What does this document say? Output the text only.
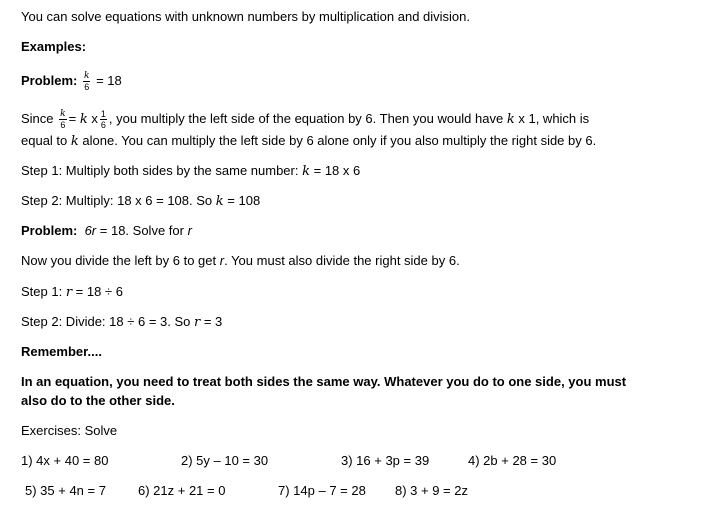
You can solve equations with unknown numbers by multiplication and division.
Examples:
Problem: $\frac{k}{6} = 18$
Since $\frac{k}{6} = k$ x $\frac{1}{6}$ , you multiply the left side of the equation by 6. Then you would have k x 1, which is
equal to k alone. You can multiply the left side by 6 alone only if you also multiply the right side by 6.
Step 1: Multiply both sides by the same number: k = 18 x 6
Step 2: Multiply: 18 x 6 = 108. So k = 108
Problem: 6r = 18. Solve for r
Now you divide the left by 6 to get r. You must also divide the right side by 6.
Step 1: r = 18 ÷ 6
Step 2: Divide: 18 ÷ 6 = 3. So r = 3
Remember....
In an equation, you need to treat both sides the same way. Whatever you do to one side, you must
also do to the other side.
Exercises: Solve
1) 4x + 40 = 80	2) 5y – 10 = 30	3) 16 + 3p = 39	4) 2b + 28 = 30
5) 35 + 4n = 7 6) 21z + 21 = 0	7) 14p – 7 = 28 8) 3 + 9 = 2z
